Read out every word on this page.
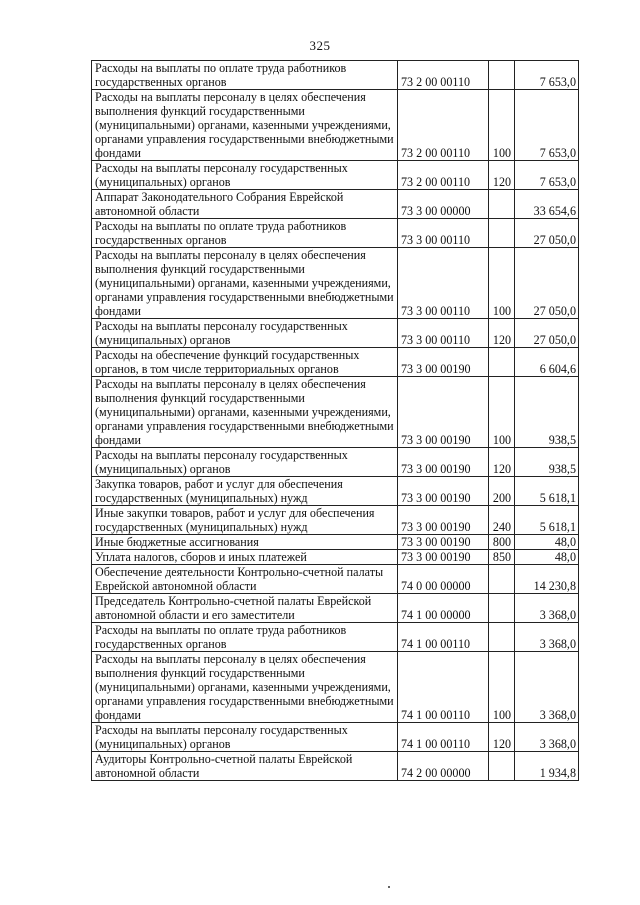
325
Расходы на выплаты по оплате труда работников государственных органов	73 2 00 00110		7 653,0
Расходы на выплаты персоналу в целях обеспечения выполнения функций государственными (муниципальными) органами, казенными учреждениями, органами управления государственными внебюджетными фондами	73 2 00 00110	100	7 653,0
Расходы на выплаты персоналу государственных (муниципальных) органов	73 2 00 00110	120	7 653,0
Аппарат Законодательного Собрания Еврейской автономной области	73 3 00 00000		33 654,6
Расходы на выплаты по оплате труда работников государственных органов	73 3 00 00110		27 050,0
Расходы на выплаты персоналу в целях обеспечения выполнения функций государственными (муниципальными) органами, казенными учреждениями, органами управления государственными внебюджетными фондами	73 3 00 00110	100	27 050,0
Расходы на выплаты персоналу государственных (муниципальных) органов	73 3 00 00110	120	27 050,0
Расходы на обеспечение функций государственных органов, в том числе территориальных органов	73 3 00 00190		6 604,6
Расходы на выплаты персоналу в целях обеспечения выполнения функций государственными (муниципальными) органами, казенными учреждениями, органами управления государственными внебюджетными фондами	73 3 00 00190	100	938,5
Расходы на выплаты персоналу государственных (муниципальных) органов	73 3 00 00190	120	938,5
Закупка товаров, работ и услуг для обеспечения государственных (муниципальных) нужд	73 3 00 00190	200	5 618,1
Иные закупки товаров, работ и услуг для обеспечения государственных (муниципальных) нужд	73 3 00 00190	240	5 618,1
Иные бюджетные ассигнования	73 3 00 00190	800	48,0
Уплата налогов, сборов и иных платежей	73 3 00 00190	850	48,0
Обеспечение деятельности Контрольно-счетной палаты Еврейской автономной области	74 0 00 00000		14 230,8
Председатель Контрольно-счетной палаты Еврейской автономной области и его заместители	74 1 00 00000		3 368,0
Расходы на выплаты по оплате труда работников государственных органов	74 1 00 00110		3 368,0
Расходы на выплаты персоналу в целях обеспечения выполнения функций государственными (муниципальными) органами, казенными учреждениями, органами управления государственными внебюджетными фондами	74 1 00 00110	100	3 368,0
Расходы на выплаты персоналу государственных (муниципальных) органов	74 1 00 00110	120	3 368,0
Аудиторы Контрольно-счетной палаты Еврейской автономной области	74 2 00 00000		1 934,8
